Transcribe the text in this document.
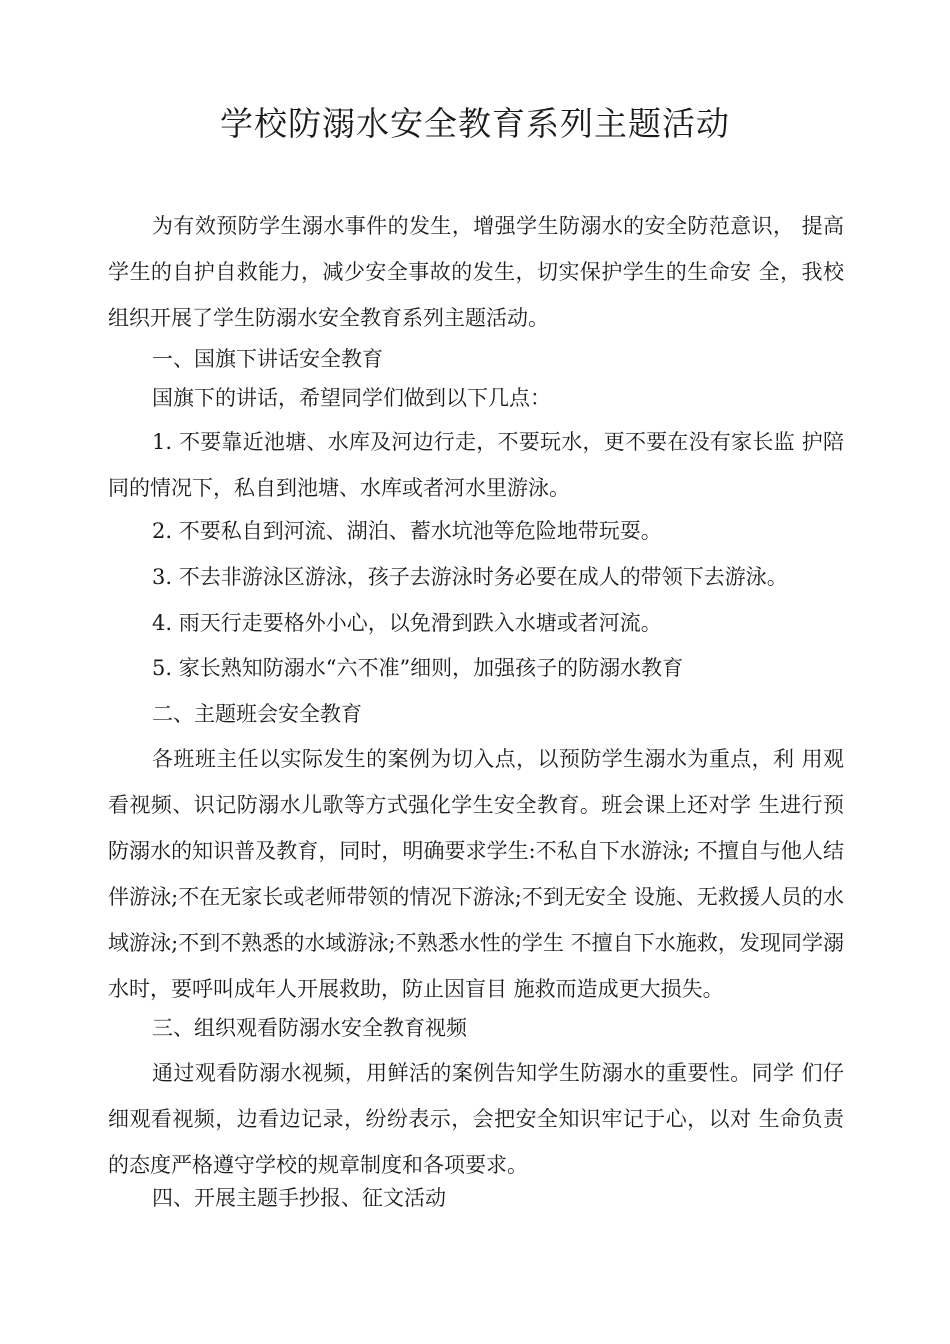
学校防溺水安全教育系列主题活动

为有效预防学生溺水事件的发生，增强学生防溺水的安全防范意识， 提高学生的自护自救能力，减少安全事故的发生，切实保护学生的生命安 全，我校组织开展了学生防溺水安全教育系列主题活动。

一、国旗下讲话安全教育

国旗下的讲话，希望同学们做到以下几点：

1. 不要靠近池塘、水库及河边行走，不要玩水，更不要在没有家长监 护陪同的情况下，私自到池塘、水库或者河水里游泳。

2. 不要私自到河流、湖泊、蓄水坑池等危险地带玩耍。

3. 不去非游泳区游泳，孩子去游泳时务必要在成人的带领下去游泳。

4. 雨天行走要格外小心，以免滑到跌入水塘或者河流。

5. 家长熟知防溺水“六不准”细则，加强孩子的防溺水教育

二、主题班会安全教育

各班班主任以实际发生的案例为切入点，以预防学生溺水为重点，利 用观看视频、识记防溺水儿歌等方式强化学生安全教育。班会课上还对学 生进行预防溺水的知识普及教育，同时，明确要求学生:不私自下水游泳; 不擅自与他人结伴游泳;不在无家长或老师带领的情况下游泳;不到无安全 设施、无救援人员的水域游泳;不到不熟悉的水域游泳;不熟悉水性的学生 不擅自下水施救，发现同学溺水时，要呼叫成年人开展救助，防止因盲目 施救而造成更大损失。

三、组织观看防溺水安全教育视频

通过观看防溺水视频，用鲜活的案例告知学生防溺水的重要性。同学 们仔细观看视频，边看边记录，纷纷表示，会把安全知识牢记于心，以对 生命负责的态度严格遵守学校的规章制度和各项要求。

四、开展主题手抄报、征文活动
